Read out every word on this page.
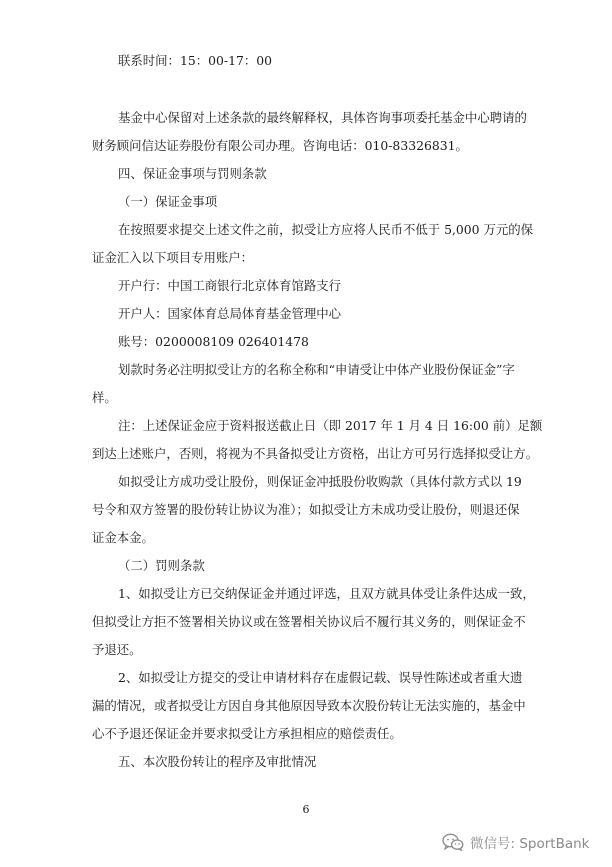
联系时间：15：00-17：00
基金中心保留对上述条款的最终解释权，具体咨询事项委托基金中心聘请的
财务顾问信达证券股份有限公司办理。咨询电话：010-83326831。
四、保证金事项与罚则条款
（一）保证金事项
在按照要求提交上述文件之前，拟受让方应将人民币不低于 5,000 万元的保
证金汇入以下项目专用账户：
开户行：中国工商银行北京体育馆路支行
开户人：国家体育总局体育基金管理中心
账号：0200008109 026401478
划款时务必注明拟受让方的名称全称和“申请受让中体产业股份保证金”字
样。
注：上述保证金应于资料报送截止日（即 2017 年 1 月 4 日 16:00 前）足额
到达上述账户，否则，将视为不具备拟受让方资格，出让方可另行选择拟受让方。
如拟受让方成功受让股份，则保证金冲抵股份收购款（具体付款方式以 19
号令和双方签署的股份转让协议为准）；如拟受让方未成功受让股份，则退还保
证金本金。
（二）罚则条款
1、如拟受让方已交纳保证金并通过评选，且双方就具体受让条件达成一致，
但拟受让方拒不签署相关协议或在签署相关协议后不履行其义务的，则保证金不
予退还。
2、如拟受让方提交的受让申请材料存在虚假记载、误导性陈述或者重大遗
漏的情况，或者拟受让方因自身其他原因导致本次股份转让无法实施的，基金中
心不予退还保证金并要求拟受让方承担相应的赔偿责任。
五、本次股份转让的程序及审批情况
6
微信号: SportBank
